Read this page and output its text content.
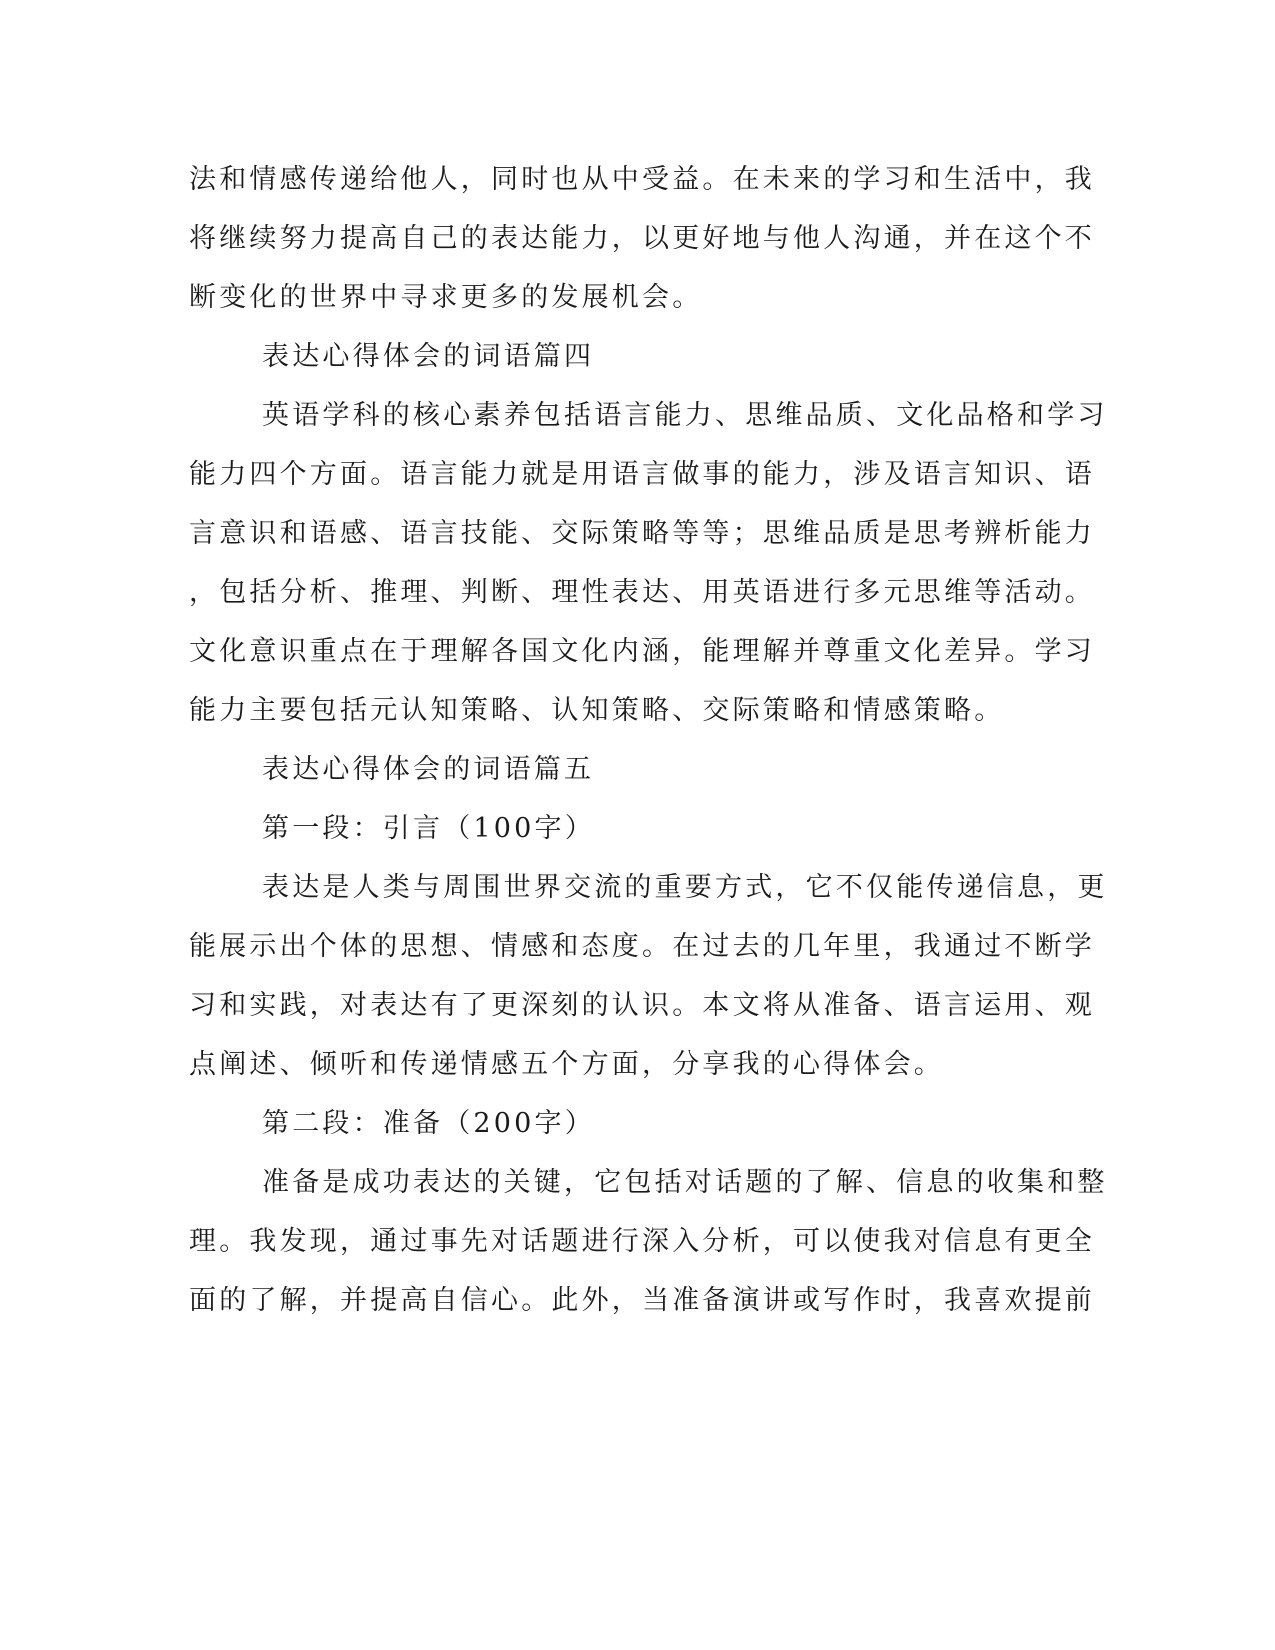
法和情感传递给他人，同时也从中受益。在未来的学习和生活中，我
将继续努力提高自己的表达能力，以更好地与他人沟通，并在这个不
断变化的世界中寻求更多的发展机会。
表达心得体会的词语篇四
英语学科的核心素养包括语言能力、思维品质、文化品格和学习
能力四个方面。语言能力就是用语言做事的能力，涉及语言知识、语
言意识和语感、语言技能、交际策略等等；思维品质是思考辨析能力
，包括分析、推理、判断、理性表达、用英语进行多元思维等活动。
文化意识重点在于理解各国文化内涵，能理解并尊重文化差异。学习
能力主要包括元认知策略、认知策略、交际策略和情感策略。
表达心得体会的词语篇五
第一段：引言（100字）
表达是人类与周围世界交流的重要方式，它不仅能传递信息，更
能展示出个体的思想、情感和态度。在过去的几年里，我通过不断学
习和实践，对表达有了更深刻的认识。本文将从准备、语言运用、观
点阐述、倾听和传递情感五个方面，分享我的心得体会。
第二段：准备（200字）
准备是成功表达的关键，它包括对话题的了解、信息的收集和整
理。我发现，通过事先对话题进行深入分析，可以使我对信息有更全
面的了解，并提高自信心。此外，当准备演讲或写作时，我喜欢提前
